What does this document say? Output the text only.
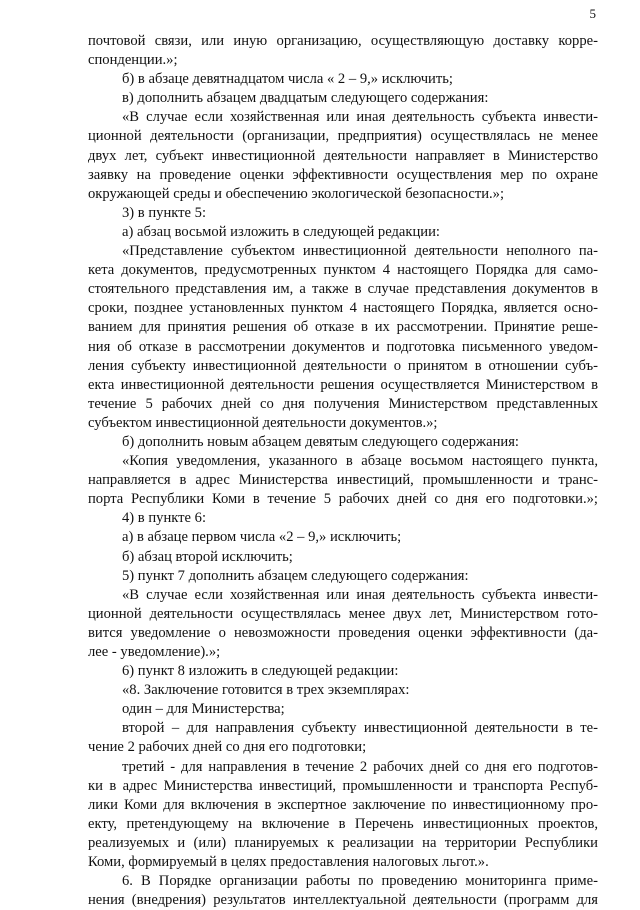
5
почтовой связи, или иную организацию, осуществляющую доставку корре-
спонденции.»;
б) в абзаце девятнадцатом числа « 2 – 9,» исключить;
в) дополнить абзацем двадцатым следующего содержания:
«В случае если хозяйственная или иная деятельность субъекта инвести-
ционной деятельности (организации, предприятия) осуществлялась не менее
двух лет, субъект инвестиционной деятельности направляет в Министерство
заявку на проведение оценки эффективности осуществления мер по охране
окружающей среды и обеспечению экологической безопасности.»;
3) в пункте 5:
а) абзац восьмой изложить в следующей редакции:
«Представление субъектом инвестиционной деятельности неполного па-
кета документов, предусмотренных пунктом 4 настоящего Порядка для само-
стоятельного представления им, а также в случае представления документов в
сроки, позднее установленных пунктом 4 настоящего Порядка, является осно-
ванием для принятия решения об отказе в их рассмотрении. Принятие реше-
ния об отказе в рассмотрении документов и подготовка письменного уведом-
ления субъекту инвестиционной деятельности о принятом в отношении субъ-
екта инвестиционной деятельности решения осуществляется Министерством в
течение 5 рабочих дней со дня получения Министерством представленных
субъектом инвестиционной деятельности документов.»;
б) дополнить новым абзацем девятым следующего содержания:
«Копия уведомления, указанного в абзаце восьмом настоящего пункта,
направляется в адрес Министерства инвестиций, промышленности и транс-
порта Республики Коми в течение 5 рабочих дней со дня его подготовки.»;
4) в пункте 6:
а) в абзаце первом числа «2 – 9,» исключить;
б) абзац второй исключить;
5) пункт 7 дополнить абзацем следующего содержания:
«В случае если хозяйственная или иная деятельность субъекта инвести-
ционной деятельности осуществлялась менее двух лет, Министерством гото-
вится уведомление о невозможности проведения оценки эффективности (да-
лее - уведомление).»;
6) пункт 8 изложить в следующей редакции:
«8. Заключение готовится в трех экземплярах:
один – для Министерства;
второй – для направления субъекту инвестиционной деятельности в те-
чение 2 рабочих дней со дня его подготовки;
третий - для направления в течение 2 рабочих дней со дня его подготов-
ки в адрес Министерства инвестиций, промышленности и транспорта Респуб-
лики Коми для включения в экспертное заключение по инвестиционному про-
екту, претендующему на включение в Перечень инвестиционных проектов,
реализуемых и (или) планируемых к реализации на территории Республики
Коми, формируемый в целях предоставления налоговых льгот.».
6. В Порядке организации работы по проведению мониторинга приме-
нения (внедрения) результатов интеллектуальной деятельности (программ для
